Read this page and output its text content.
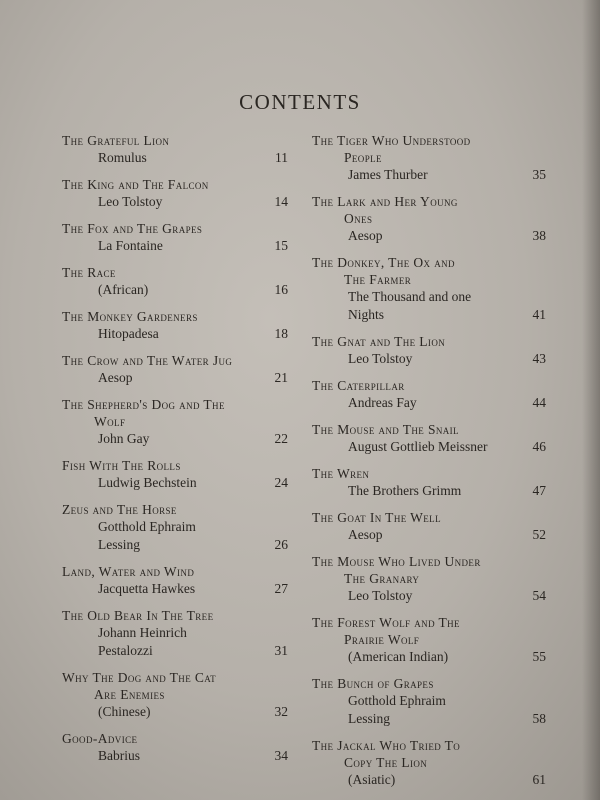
CONTENTS
The Grateful Lion
Romulus	11
The King and The Falcon
Leo Tolstoy	14
The Fox and The Grapes
La Fontaine	15
The Race
(African)	16
The Monkey Gardeners
Hitopadesa	18
The Crow and The Water Jug
Aesop	21
The Shepherd's Dog and The
Wolf
John Gay	22
Fish With The Rolls
Ludwig Bechstein	24
Zeus and The Horse
Gotthold Ephraim
Lessing	26
Land, Water and Wind
Jacquetta Hawkes	27
The Old Bear In The Tree
Johann Heinrich
Pestalozzi	31
Why The Dog and The Cat
Are Enemies
(Chinese)	32
Good-Advice
Babrius	34
The Tiger Who Understood
People
James Thurber	35
The Lark and Her Young
Ones
Aesop	38
The Donkey, The Ox and
The Farmer
The Thousand and one
Nights	41
The Gnat and The Lion
Leo Tolstoy	43
The Caterpillar
Andreas Fay	44
The Mouse and The Snail
August Gottlieb Meissner	46
The Wren
The Brothers Grimm	47
The Goat In The Well
Aesop	52
The Mouse Who Lived Under
The Granary
Leo Tolstoy	54
The Forest Wolf and The
Prairie Wolf
(American Indian)	55
The Bunch of Grapes
Gotthold Ephraim
Lessing	58
The Jackal Who Tried To
Copy The Lion
(Asiatic)	61
